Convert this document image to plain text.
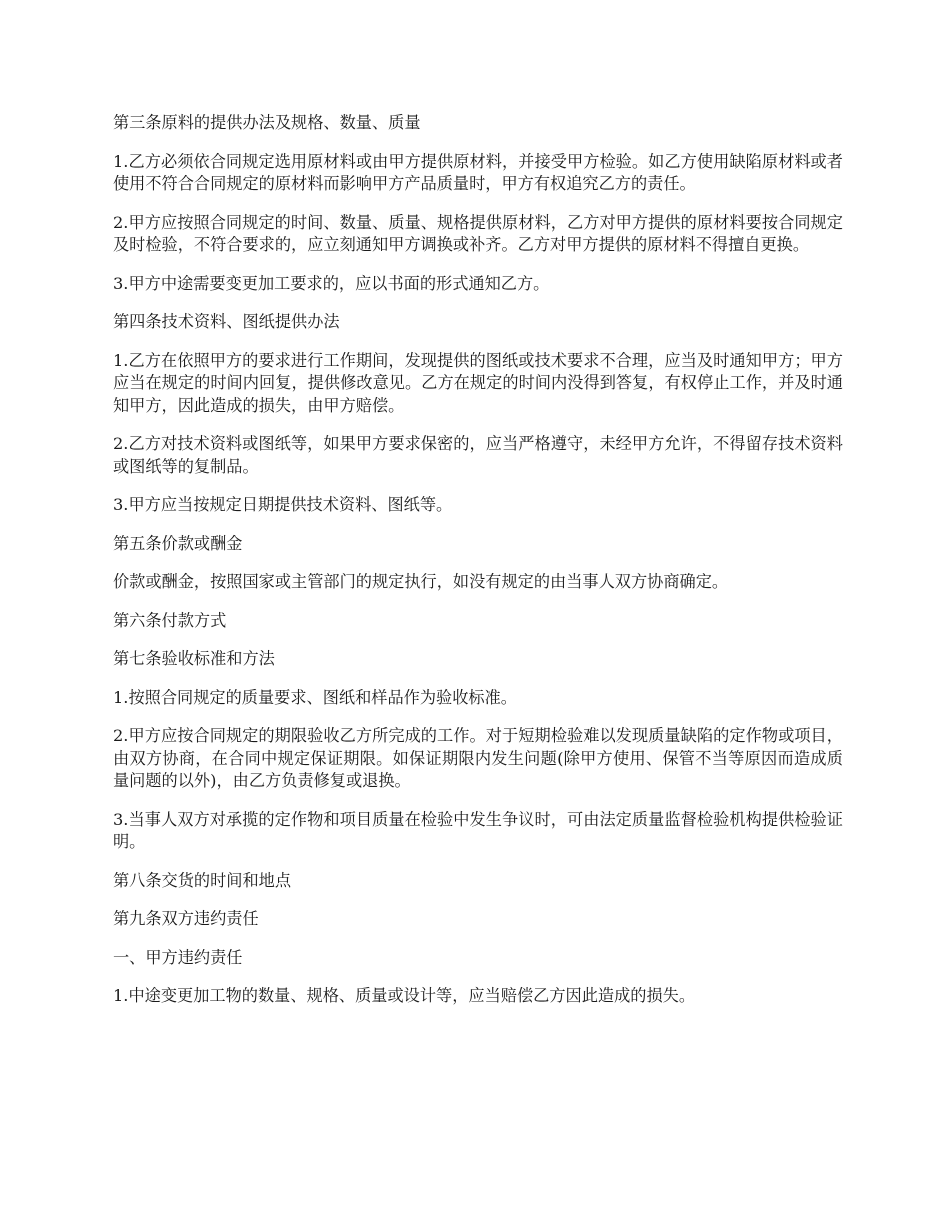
第三条原料的提供办法及规格、数量、质量

1.乙方必须依合同规定选用原材料或由甲方提供原材料，并接受甲方检验。如乙方使用缺陷原材料或者使用不符合合同规定的原材料而影响甲方产品质量时，甲方有权追究乙方的责任。

2.甲方应按照合同规定的时间、数量、质量、规格提供原材料，乙方对甲方提供的原材料要按合同规定及时检验，不符合要求的，应立刻通知甲方调换或补齐。乙方对甲方提供的原材料不得擅自更换。

3.甲方中途需要变更加工要求的，应以书面的形式通知乙方。

第四条技术资料、图纸提供办法

1.乙方在依照甲方的要求进行工作期间，发现提供的图纸或技术要求不合理，应当及时通知甲方；甲方应当在规定的时间内回复，提供修改意见。乙方在规定的时间内没得到答复，有权停止工作，并及时通知甲方，因此造成的损失，由甲方赔偿。

2.乙方对技术资料或图纸等，如果甲方要求保密的，应当严格遵守，未经甲方允许，不得留存技术资料或图纸等的复制品。

3.甲方应当按规定日期提供技术资料、图纸等。

第五条价款或酬金

价款或酬金，按照国家或主管部门的规定执行，如没有规定的由当事人双方协商确定。

第六条付款方式

第七条验收标准和方法

1.按照合同规定的质量要求、图纸和样品作为验收标准。

2.甲方应按合同规定的期限验收乙方所完成的工作。对于短期检验难以发现质量缺陷的定作物或项目，由双方协商，在合同中规定保证期限。如保证期限内发生问题(除甲方使用、保管不当等原因而造成质量问题的以外)，由乙方负责修复或退换。

3.当事人双方对承揽的定作物和项目质量在检验中发生争议时，可由法定质量监督检验机构提供检验证明。

第八条交货的时间和地点

第九条双方违约责任

一、甲方违约责任

1.中途变更加工物的数量、规格、质量或设计等，应当赔偿乙方因此造成的损失。
